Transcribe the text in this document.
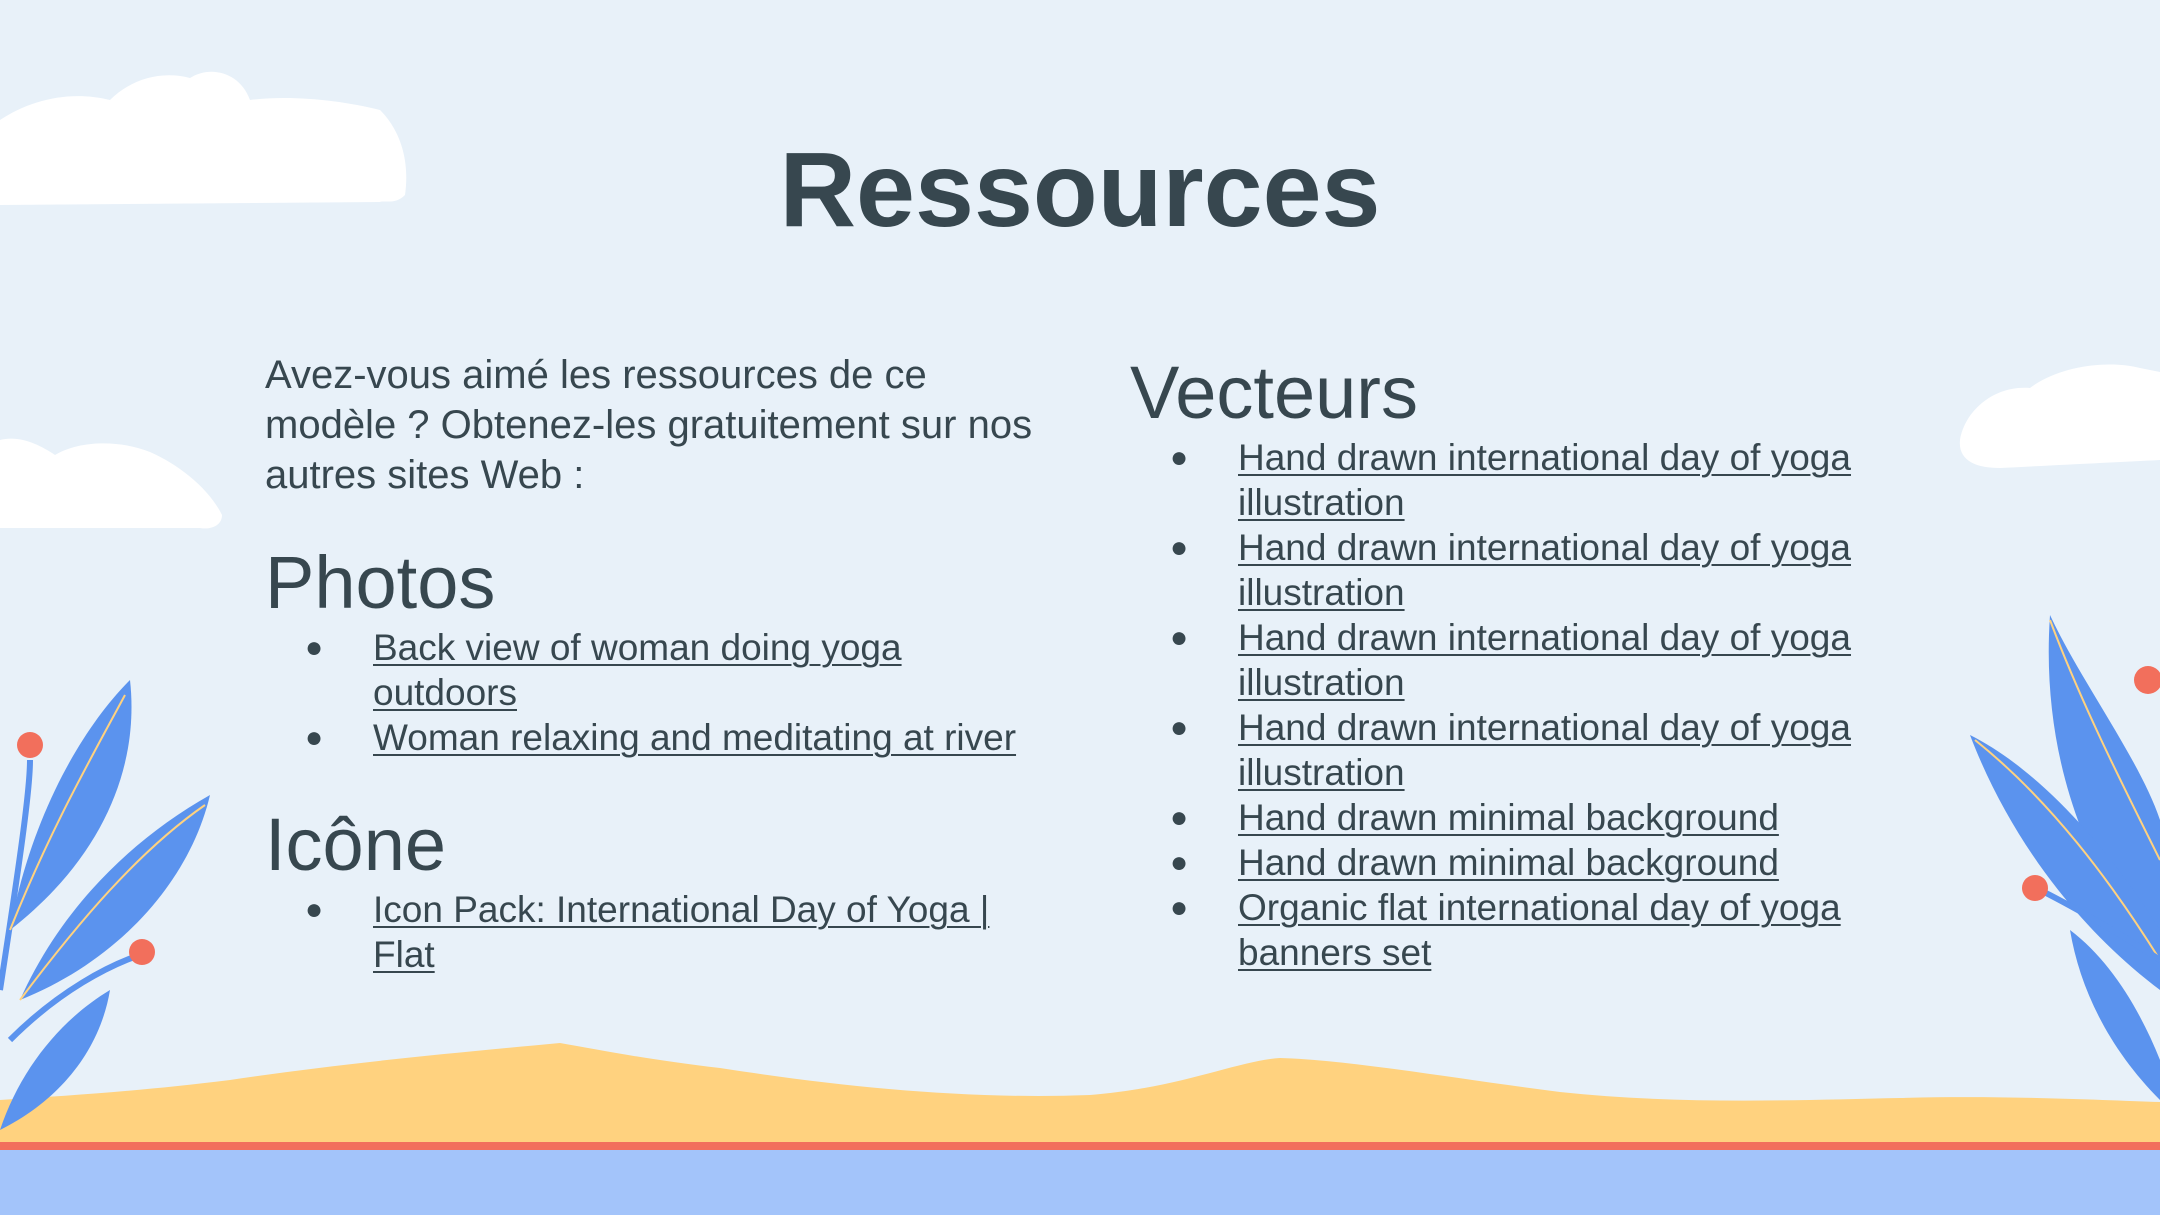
Ressources

Avez-vous aimé les ressources de ce modèle ? Obtenez-les gratuitement sur nos autres sites Web :

Photos
● Back view of woman doing yoga outdoors
● Woman relaxing and meditating at river
Icône
● Icon Pack: International Day of Yoga | Flat
Vecteurs
● Hand drawn international day of yoga illustration
● Hand drawn international day of yoga illustration
● Hand drawn international day of yoga illustration
● Hand drawn international day of yoga illustration
● Hand drawn minimal background
● Hand drawn minimal background
● Organic flat international day of yoga banners set
